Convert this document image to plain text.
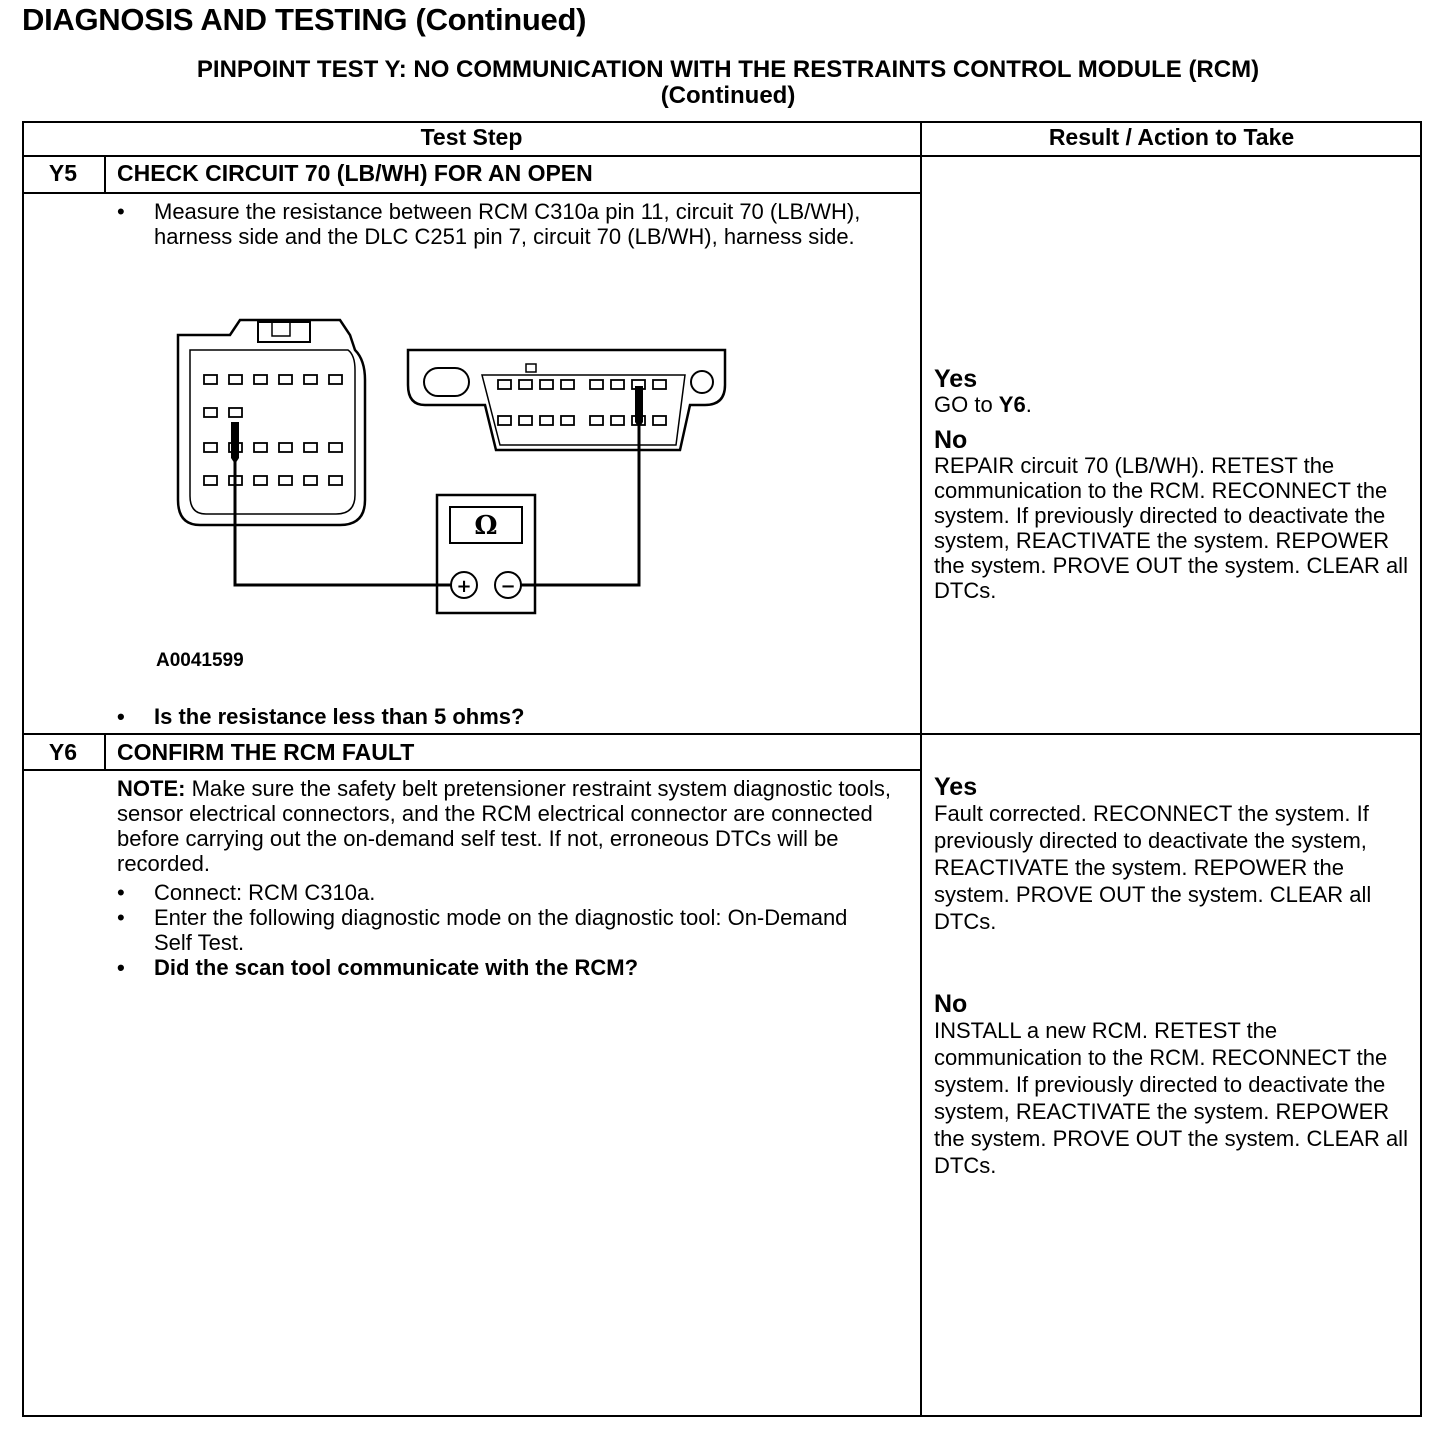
DIAGNOSIS AND TESTING (Continued)
PINPOINT TEST Y: NO COMMUNICATION WITH THE RESTRAINTS CONTROL MODULE (RCM)
(Continued)
Test Step	Result / Action to Take
Y5	CHECK CIRCUIT 70 (LB/WH) FOR AN OPEN
• Measure the resistance between RCM C310a pin 11, circuit 70 (LB/WH), harness side and the DLC C251 pin 7, circuit 70 (LB/WH), harness side.
Ω
+ −
A0041599
• Is the resistance less than 5 ohms?
Yes
GO to Y6.
No
REPAIR circuit 70 (LB/WH). RETEST the communication to the RCM. RECONNECT the system. If previously directed to deactivate the system, REACTIVATE the system. REPOWER the system. PROVE OUT the system. CLEAR all DTCs.
Y6	CONFIRM THE RCM FAULT
NOTE: Make sure the safety belt pretensioner restraint system diagnostic tools, sensor electrical connectors, and the RCM electrical connector are connected before carrying out the on-demand self test. If not, erroneous DTCs will be recorded.
• Connect: RCM C310a.
• Enter the following diagnostic mode on the diagnostic tool: On-Demand Self Test.
• Did the scan tool communicate with the RCM?
Yes
Fault corrected. RECONNECT the system. If previously directed to deactivate the system, REACTIVATE the system. REPOWER the system. PROVE OUT the system. CLEAR all DTCs.
No
INSTALL a new RCM. RETEST the communication to the RCM. RECONNECT the system. If previously directed to deactivate the system, REACTIVATE the system. REPOWER the system. PROVE OUT the system. CLEAR all DTCs.
